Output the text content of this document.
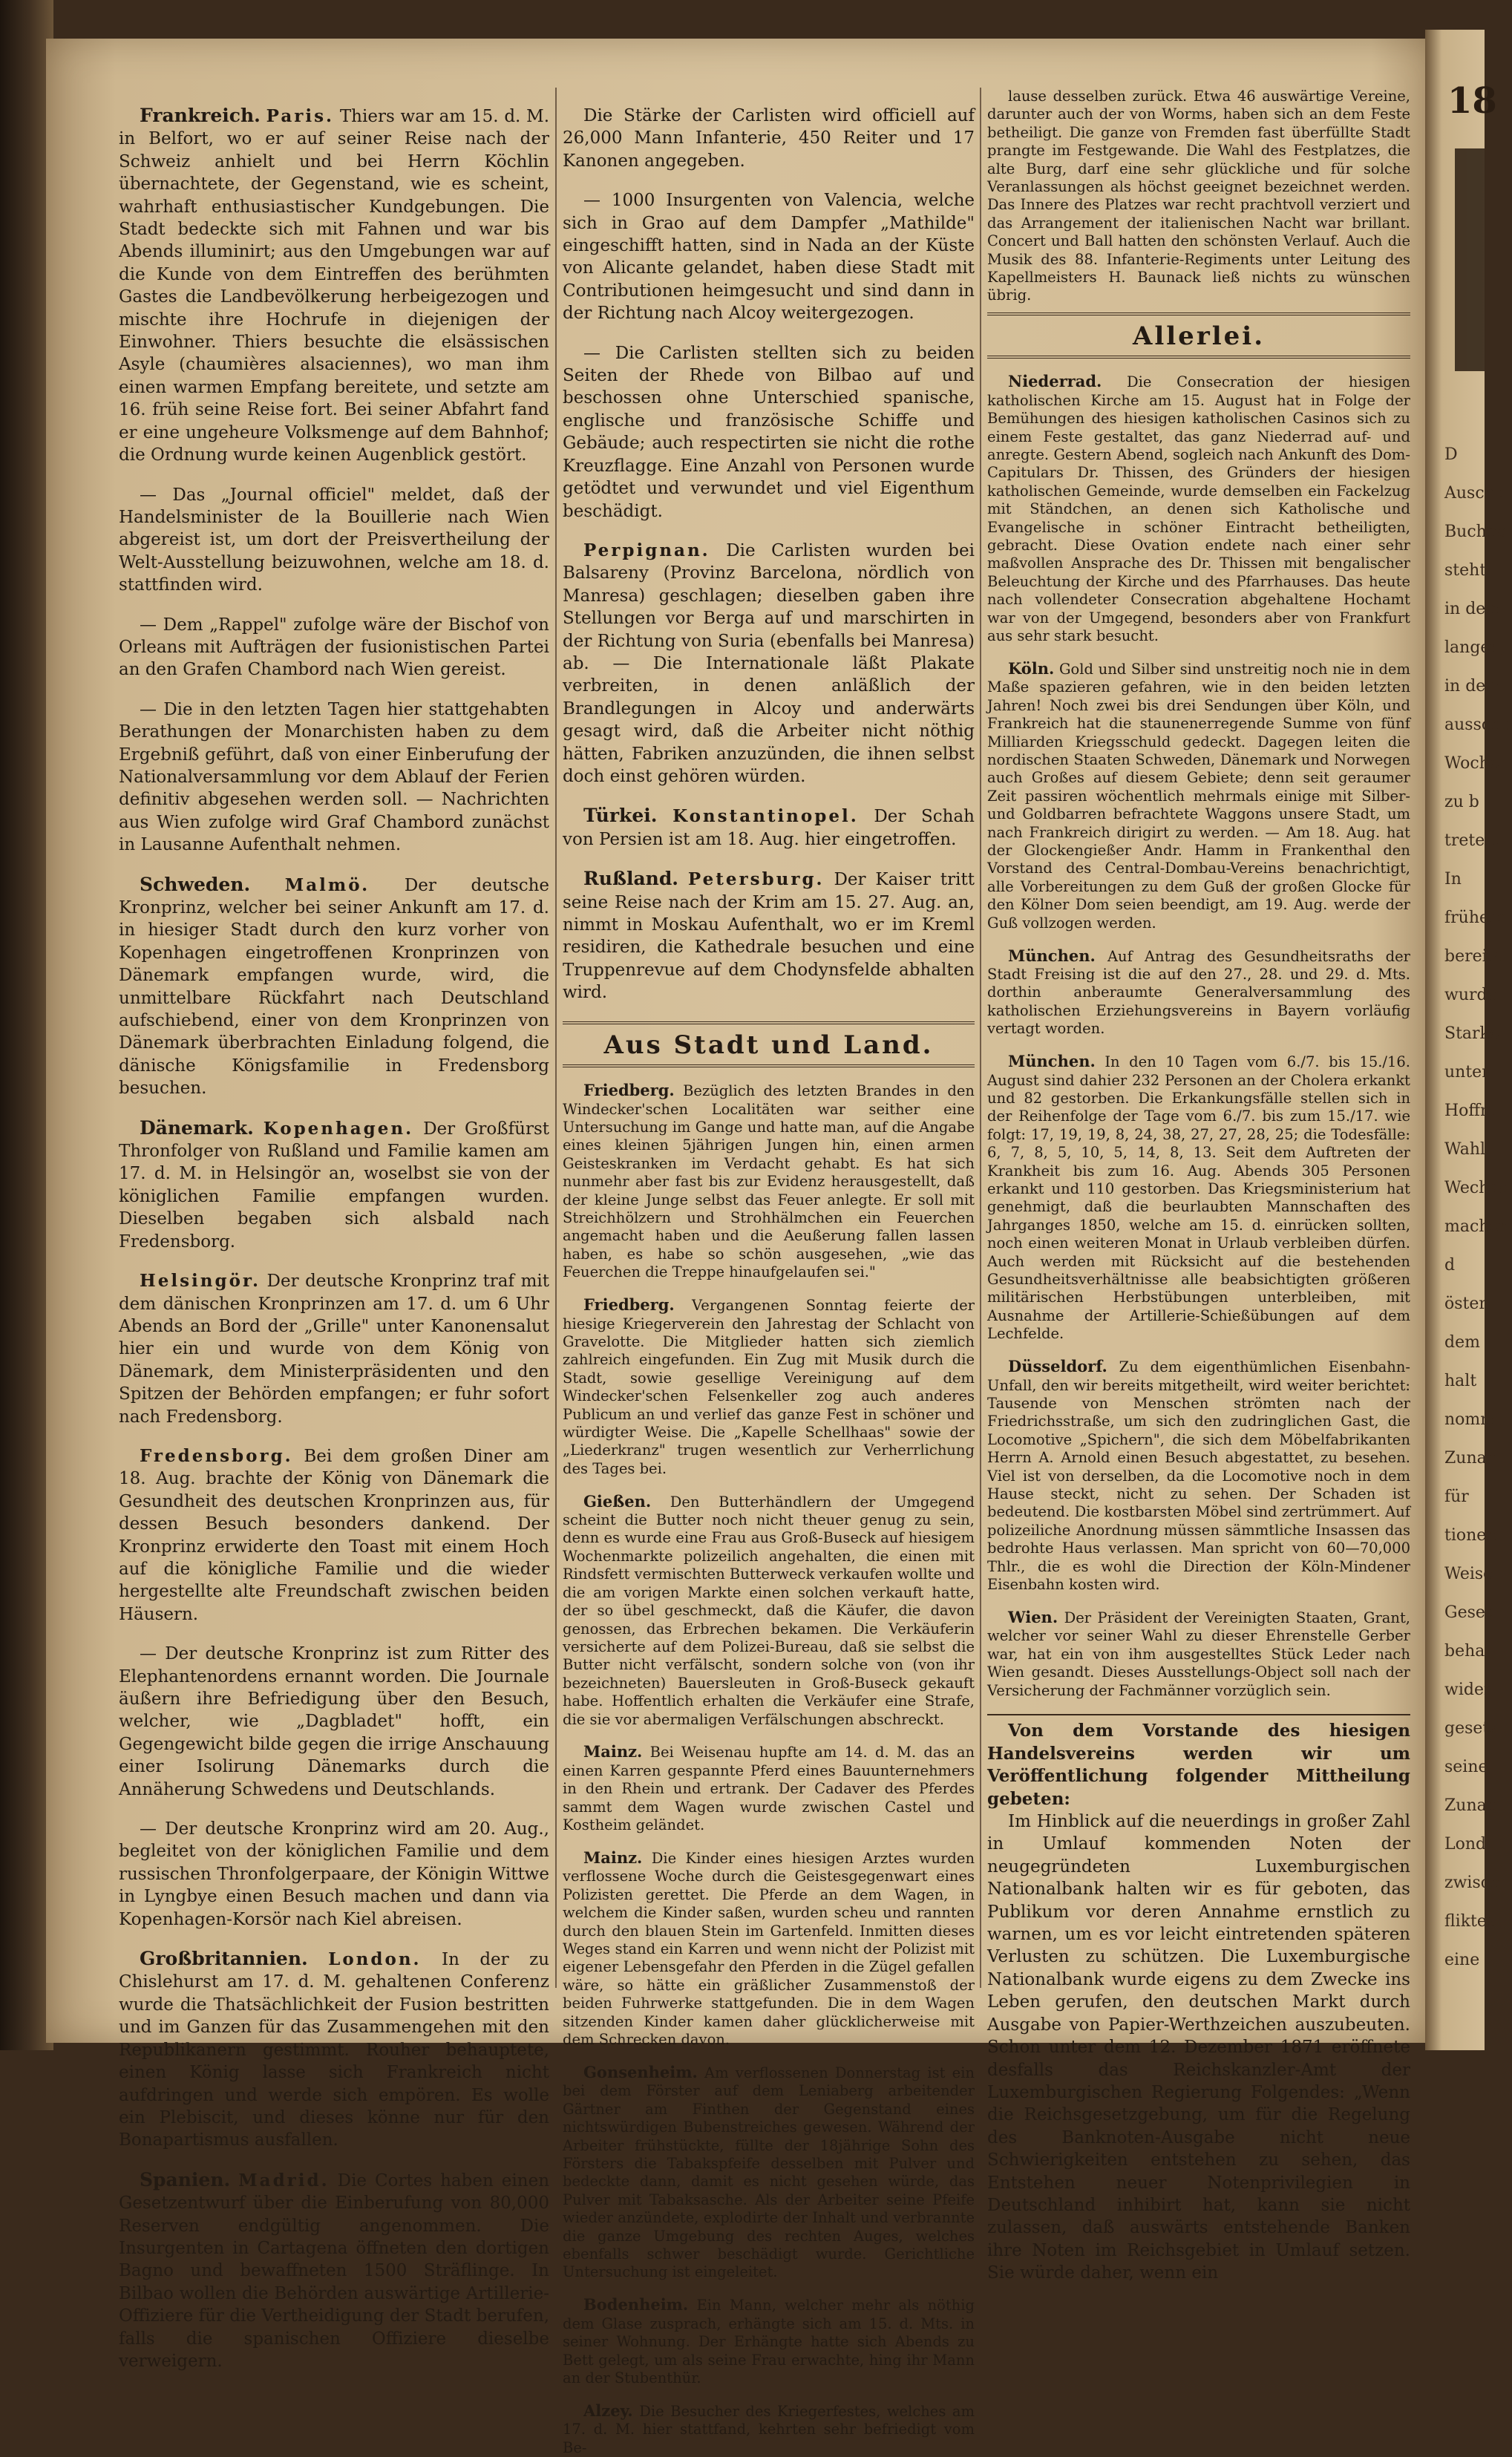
18
D
Auscht
Buchha
steht
in dem
langen,
in dem
ausschu
Woche
zu b
treten.
In
frühere
bereits
wurde
Starke
unter
Hoffm
Wahl
Wechse
machen
d
öster
dem
halt
nomm
Zunah
für
tionen
Weise
Geset
behal
wider
gesetz
seine
Zunah
Lond
zwisch
fliktes
eine

Frankreich. Paris. Thiers war am 15. d. M. in Belfort, wo er auf seiner Reise nach der Schweiz anhielt und bei Herrn Köchlin übernachtete, der Gegenstand, wie es scheint, wahrhaft enthusiastischer Kundgebungen. Die Stadt bedeckte sich mit Fahnen und war bis Abends illuminirt; aus den Umgebungen war auf die Kunde von dem Eintreffen des berühmten Gastes die Landbevölkerung herbeigezogen und mischte ihre Hochrufe in diejenigen der Einwohner. Thiers besuchte die elsässischen Asyle (chaumières alsaciennes), wo man ihm einen warmen Empfang bereitete, und setzte am 16. früh seine Reise fort. Bei seiner Abfahrt fand er eine ungeheure Volksmenge auf dem Bahnhof; die Ordnung wurde keinen Augenblick gestört.

— Das „Journal officiel" meldet, daß der Handelsminister de la Bouillerie nach Wien abgereist ist, um dort der Preisvertheilung der Welt-Ausstellung beizuwohnen, welche am 18. d. stattfinden wird.

— Dem „Rappel" zufolge wäre der Bischof von Orleans mit Aufträgen der fusionistischen Partei an den Grafen Chambord nach Wien gereist.

— Die in den letzten Tagen hier stattgehabten Berathungen der Monarchisten haben zu dem Ergebniß geführt, daß von einer Einberufung der Nationalversammlung vor dem Ablauf der Ferien definitiv abgesehen werden soll. — Nachrichten aus Wien zufolge wird Graf Chambord zunächst in Lausanne Aufenthalt nehmen.

Schweden. Malmö. Der deutsche Kronprinz, welcher bei seiner Ankunft am 17. d. in hiesiger Stadt durch den kurz vorher von Kopenhagen eingetroffenen Kronprinzen von Dänemark empfangen wurde, wird, die unmittelbare Rückfahrt nach Deutschland aufschiebend, einer von dem Kronprinzen von Dänemark überbrachten Einladung folgend, die dänische Königsfamilie in Fredensborg besuchen.

Dänemark. Kopenhagen. Der Großfürst Thronfolger von Rußland und Familie kamen am 17. d. M. in Helsingör an, woselbst sie von der königlichen Familie empfangen wurden. Dieselben begaben sich alsbald nach Fredensborg.

Helsingör. Der deutsche Kronprinz traf mit dem dänischen Kronprinzen am 17. d. um 6 Uhr Abends an Bord der „Grille" unter Kanonensalut hier ein und wurde von dem König von Dänemark, dem Ministerpräsidenten und den Spitzen der Behörden empfangen; er fuhr sofort nach Fredensborg.

Fredensborg. Bei dem großen Diner am 18. Aug. brachte der König von Dänemark die Gesundheit des deutschen Kronprinzen aus, für dessen Besuch besonders dankend. Der Kronprinz erwiderte den Toast mit einem Hoch auf die königliche Familie und die wieder hergestellte alte Freundschaft zwischen beiden Häusern.

— Der deutsche Kronprinz ist zum Ritter des Elephantenordens ernannt worden. Die Journale äußern ihre Befriedigung über den Besuch, welcher, wie „Dagbladet" hofft, ein Gegengewicht bilde gegen die irrige Anschauung einer Isolirung Dänemarks durch die Annäherung Schwedens und Deutschlands.

— Der deutsche Kronprinz wird am 20. Aug., begleitet von der königlichen Familie und dem russischen Thronfolgerpaare, der Königin Wittwe in Lyngbye einen Besuch machen und dann via Kopenhagen-Korsör nach Kiel abreisen.

Großbritannien. London. In der zu Chislehurst am 17. d. M. gehaltenen Conferenz wurde die Thatsächlichkeit der Fusion bestritten und im Ganzen für das Zusammengehen mit den Republikanern gestimmt. Rouher behauptete, einen König lasse sich Frankreich nicht aufdringen und werde sich empören. Es wolle ein Plebiscit, und dieses könne nur für den Bonapartismus ausfallen.

Spanien. Madrid. Die Cortes haben einen Gesetzentwurf über die Einberufung von 80,000 Reserven endgültig angenommen. Die Insurgenten in Cartagena öffneten den dortigen Bagno und bewaffneten 1500 Sträflinge. In Bilbao wollen die Behörden auswärtige Artillerie-Offiziere für die Vertheidigung der Stadt berufen, falls die spanischen Offiziere dieselbe verweigern.

Die Stärke der Carlisten wird officiell auf 26,000 Mann Infanterie, 450 Reiter und 17 Kanonen angegeben.

— 1000 Insurgenten von Valencia, welche sich in Grao auf dem Dampfer „Mathilde" eingeschifft hatten, sind in Nada an der Küste von Alicante gelandet, haben diese Stadt mit Contributionen heimgesucht und sind dann in der Richtung nach Alcoy weitergezogen.

— Die Carlisten stellten sich zu beiden Seiten der Rhede von Bilbao auf und beschossen ohne Unterschied spanische, englische und französische Schiffe und Gebäude; auch respectirten sie nicht die rothe Kreuzflagge. Eine Anzahl von Personen wurde getödtet und verwundet und viel Eigenthum beschädigt.

Perpignan. Die Carlisten wurden bei Balsareny (Provinz Barcelona, nördlich von Manresa) geschlagen; dieselben gaben ihre Stellungen vor Berga auf und marschirten in der Richtung von Suria (ebenfalls bei Manresa) ab. — Die Internationale läßt Plakate verbreiten, in denen anläßlich der Brandlegungen in Alcoy und anderwärts gesagt wird, daß die Arbeiter nicht nöthig hätten, Fabriken anzuzünden, die ihnen selbst doch einst gehören würden.

Türkei. Konstantinopel. Der Schah von Persien ist am 18. Aug. hier eingetroffen.

Rußland. Petersburg. Der Kaiser tritt seine Reise nach der Krim am 15. 27. Aug. an, nimmt in Moskau Aufenthalt, wo er im Kreml residiren, die Kathedrale besuchen und eine Truppenrevue auf dem Chodynsfelde abhalten wird.

Aus Stadt und Land.

Friedberg. Bezüglich des letzten Brandes in den Windecker'schen Localitäten war seither eine Untersuchung im Gange und hatte man, auf die Angabe eines kleinen 5jährigen Jungen hin, einen armen Geisteskranken im Verdacht gehabt. Es hat sich nunmehr aber fast bis zur Evidenz herausgestellt, daß der kleine Junge selbst das Feuer anlegte. Er soll mit Streichhölzern und Strohhälmchen ein Feuerchen angemacht haben und die Aeußerung fallen lassen haben, es habe so schön ausgesehen, „wie das Feuerchen die Treppe hinaufgelaufen sei."

Friedberg. Vergangenen Sonntag feierte der hiesige Kriegerverein den Jahrestag der Schlacht von Gravelotte. Die Mitglieder hatten sich ziemlich zahlreich eingefunden. Ein Zug mit Musik durch die Stadt, sowie gesellige Vereinigung auf dem Windecker'schen Felsenkeller zog auch anderes Publicum an und verlief das ganze Fest in schöner und würdigter Weise. Die „Kapelle Schellhaas" sowie der „Liederkranz" trugen wesentlich zur Verherrlichung des Tages bei.

Gießen. Den Butterhändlern der Umgegend scheint die Butter noch nicht theuer genug zu sein, denn es wurde eine Frau aus Groß-Buseck auf hiesigem Wochenmarkte polizeilich angehalten, die einen mit Rindsfett vermischten Butterweck verkaufen wollte und die am vorigen Markte einen solchen verkauft hatte, der so übel geschmeckt, daß die Käufer, die davon genossen, das Erbrechen bekamen. Die Verkäuferin versicherte auf dem Polizei-Bureau, daß sie selbst die Butter nicht verfälscht, sondern solche von (von ihr bezeichneten) Bauersleuten in Groß-Buseck gekauft habe. Hoffentlich erhalten die Verkäufer eine Strafe, die sie vor abermaligen Verfälschungen abschreckt.

Mainz. Bei Weisenau hupfte am 14. d. M. das an einen Karren gespannte Pferd eines Bauunternehmers in den Rhein und ertrank. Der Cadaver des Pferdes sammt dem Wagen wurde zwischen Castel und Kostheim geländet.

Mainz. Die Kinder eines hiesigen Arztes wurden verflossene Woche durch die Geistesgegenwart eines Polizisten gerettet. Die Pferde an dem Wagen, in welchem die Kinder saßen, wurden scheu und rannten durch den blauen Stein im Gartenfeld. Inmitten dieses Weges stand ein Karren und wenn nicht der Polizist mit eigener Lebensgefahr den Pferden in die Zügel gefallen wäre, so hätte ein gräßlicher Zusammenstoß der beiden Fuhrwerke stattgefunden. Die in dem Wagen sitzenden Kinder kamen daher glücklicherweise mit dem Schrecken davon.

Gonsenheim. Am verflossenen Donnerstag ist ein bei dem Förster auf dem Leniaberg arbeitender Gärtner am Finthen der Gegenstand eines nichtswürdigen Bubenstreiches gewesen. Während der Arbeiter frühstückte, füllte der 18jährige Sohn des Försters die Tabakspfeife desselben mit Pulver und bedeckte dann, damit es nicht gesehen würde, das Pulver mit Tabaksasche. Als der Arbeiter seine Pfeife wieder anzündete, explodirte der Inhalt und verbrannte die ganze Umgebung des rechten Auges, welches ebenfalls schwer beschädigt wurde. Gerichtliche Untersuchung ist eingeleitet.

Bodenheim. Ein Mann, welcher mehr als nöthig dem Glase zusprach, erhängte sich am 15. d. Mts. in seiner Wohnung. Der Erhängte hatte sich Abends zu Bett gelegt, um als seine Frau erwachte, hing ihr Mann an der Stubenthür.

Alzey. Die Besucher des Kriegerfestes, welches am 17. d. M. hier stattfand, kehrten sehr befriedigt vom Be-

lause desselben zurück. Etwa 46 auswärtige Vereine, darunter auch der von Worms, haben sich an dem Feste betheiligt. Die ganze von Fremden fast überfüllte Stadt prangte im Festgewande. Die Wahl des Festplatzes, die alte Burg, darf eine sehr glückliche und für solche Veranlassungen als höchst geeignet bezeichnet werden. Das Innere des Platzes war recht prachtvoll verziert und das Arrangement der italienischen Nacht war brillant. Concert und Ball hatten den schönsten Verlauf. Auch die Musik des 88. Infanterie-Regiments unter Leitung des Kapellmeisters H. Baunack ließ nichts zu wünschen übrig.

Allerlei.

Niederrad. Die Consecration der hiesigen katholischen Kirche am 15. August hat in Folge der Bemühungen des hiesigen katholischen Casinos sich zu einem Feste gestaltet, das ganz Niederrad auf- und anregte. Gestern Abend, sogleich nach Ankunft des Dom-Capitulars Dr. Thissen, des Gründers der hiesigen katholischen Gemeinde, wurde demselben ein Fackelzug mit Ständchen, an denen sich Katholische und Evangelische in schöner Eintracht betheiligten, gebracht. Diese Ovation endete nach einer sehr maßvollen Ansprache des Dr. Thissen mit bengalischer Beleuchtung der Kirche und des Pfarrhauses. Das heute nach vollendeter Consecration abgehaltene Hochamt war von der Umgegend, besonders aber von Frankfurt aus sehr stark besucht.

Köln. Gold und Silber sind unstreitig noch nie in dem Maße spazieren gefahren, wie in den beiden letzten Jahren! Noch zwei bis drei Sendungen über Köln, und Frankreich hat die staunenerregende Summe von fünf Milliarden Kriegsschuld gedeckt. Dagegen leiten die nordischen Staaten Schweden, Dänemark und Norwegen auch Großes auf diesem Gebiete; denn seit geraumer Zeit passiren wöchentlich mehrmals einige mit Silber- und Goldbarren befrachtete Waggons unsere Stadt, um nach Frankreich dirigirt zu werden. — Am 18. Aug. hat der Glockengießer Andr. Hamm in Frankenthal den Vorstand des Central-Dombau-Vereins benachrichtigt, alle Vorbereitungen zu dem Guß der großen Glocke für den Kölner Dom seien beendigt, am 19. Aug. werde der Guß vollzogen werden.

München. Auf Antrag des Gesundheitsraths der Stadt Freising ist die auf den 27., 28. und 29. d. Mts. dorthin anberaumte Generalversammlung des katholischen Erziehungsvereins in Bayern vorläufig vertagt worden.

München. In den 10 Tagen vom 6./7. bis 15./16. August sind dahier 232 Personen an der Cholera erkankt und 82 gestorben. Die Erkankungsfälle stellen sich in der Reihenfolge der Tage vom 6./7. bis zum 15./17. wie folgt: 17, 19, 19, 8, 24, 38, 27, 27, 28, 25; die Todesfälle: 6, 7, 8, 5, 10, 5, 14, 8, 13. Seit dem Auftreten der Krankheit bis zum 16. Aug. Abends 305 Personen erkankt und 110 gestorben. Das Kriegsministerium hat genehmigt, daß die beurlaubten Mannschaften des Jahrganges 1850, welche am 15. d. einrücken sollten, noch einen weiteren Monat in Urlaub verbleiben dürfen. Auch werden mit Rücksicht auf die bestehenden Gesundheitsverhältnisse alle beabsichtigten größeren militärischen Herbstübungen unterbleiben, mit Ausnahme der Artillerie-Schießübungen auf dem Lechfelde.

Düsseldorf. Zu dem eigenthümlichen Eisenbahn-Unfall, den wir bereits mitgetheilt, wird weiter berichtet: Tausende von Menschen strömten nach der Friedrichsstraße, um sich den zudringlichen Gast, die Locomotive „Spichern", die sich dem Möbelfabrikanten Herrn A. Arnold einen Besuch abgestattet, zu besehen. Viel ist von derselben, da die Locomotive noch in dem Hause steckt, nicht zu sehen. Der Schaden ist bedeutend. Die kostbarsten Möbel sind zertrümmert. Auf polizeiliche Anordnung müssen sämmtliche Insassen das bedrohte Haus verlassen. Man spricht von 60—70,000 Thlr., die es wohl die Direction der Köln-Mindener Eisenbahn kosten wird.

Wien. Der Präsident der Vereinigten Staaten, Grant, welcher vor seiner Wahl zu dieser Ehrenstelle Gerber war, hat ein von ihm ausgestelltes Stück Leder nach Wien gesandt. Dieses Ausstellungs-Object soll nach der Versicherung der Fachmänner vorzüglich sein.

Von dem Vorstande des hiesigen Handelsvereins werden wir um Veröffentlichung folgender Mittheilung gebeten:

Im Hinblick auf die neuerdings in großer Zahl in Umlauf kommenden Noten der neugegründeten Luxemburgischen Nationalbank halten wir es für geboten, das Publikum vor deren Annahme ernstlich zu warnen, um es vor leicht eintretenden späteren Verlusten zu schützen. Die Luxemburgische Nationalbank wurde eigens zu dem Zwecke ins Leben gerufen, den deutschen Markt durch Ausgabe von Papier-Werthzeichen auszubeuten. Schon unter dem 12. Dezember 1871 eröffnete desfalls das Reichskanzler-Amt der Luxemburgischen Regierung Folgendes: „Wenn die Reichsgesetzgebung, um für die Regelung des Banknoten-Ausgabe nicht neue Schwierigkeiten entstehen zu sehen, das Entstehen neuer Notenprivilegien in Deutschland inhibirt hat, kann sie nicht zulassen, daß auswärts entstehende Banken ihre Noten im Reichsgebiet in Umlauf setzen. Sie würde daher, wenn ein
